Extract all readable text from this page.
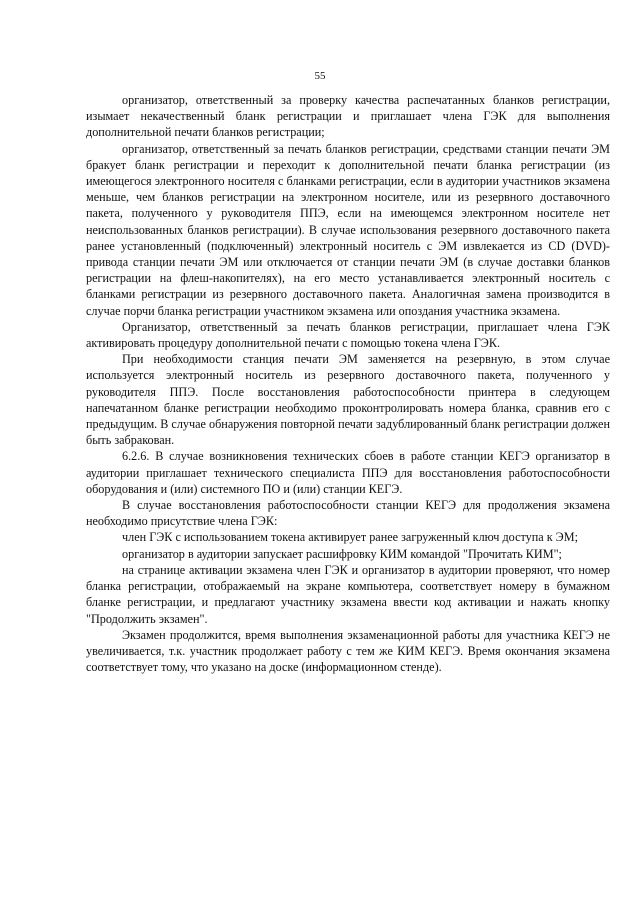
55

организатор, ответственный за проверку качества распечатанных бланков регистрации, изымает некачественный бланк регистрации и приглашает члена ГЭК для выполнения дополнительной печати бланков регистрации;

организатор, ответственный за печать бланков регистрации, средствами станции печати ЭМ бракует бланк регистрации и переходит к дополнительной печати бланка регистрации (из имеющегося электронного носителя с бланками регистрации, если в аудитории участников экзамена меньше, чем бланков регистрации на электронном носителе, или из резервного доставочного пакета, полученного у руководителя ППЭ, если на имеющемся электронном носителе нет неиспользованных бланков регистрации). В случае использования резервного доставочного пакета ранее установленный (подключенный) электронный носитель с ЭМ извлекается из CD (DVD)-привода станции печати ЭМ или отключается от станции печати ЭМ (в случае доставки бланков регистрации на флеш-накопителях), на его место устанавливается электронный носитель с бланками регистрации из резервного доставочного пакета. Аналогичная замена производится в случае порчи бланка регистрации участником экзамена или опоздания участника экзамена.

Организатор, ответственный за печать бланков регистрации, приглашает члена ГЭК активировать процедуру дополнительной печати с помощью токена члена ГЭК.

При необходимости станция печати ЭМ заменяется на резервную, в этом случае используется электронный носитель из резервного доставочного пакета, полученного у руководителя ППЭ. После восстановления работоспособности принтера в следующем напечатанном бланке регистрации необходимо проконтролировать номера бланка, сравнив его с предыдущим. В случае обнаружения повторной печати задублированный бланк регистрации должен быть забракован.

6.2.6. В случае возникновения технических сбоев в работе станции КЕГЭ организатор в аудитории приглашает технического специалиста ППЭ для восстановления работоспособности оборудования и (или) системного ПО и (или) станции КЕГЭ.

В случае восстановления работоспособности станции КЕГЭ для продолжения экзамена необходимо присутствие члена ГЭК:

член ГЭК с использованием токена активирует ранее загруженный ключ доступа к ЭМ;

организатор в аудитории запускает расшифровку КИМ командой "Прочитать КИМ";

на странице активации экзамена член ГЭК и организатор в аудитории проверяют, что номер бланка регистрации, отображаемый на экране компьютера, соответствует номеру в бумажном бланке регистрации, и предлагают участнику экзамена ввести код активации и нажать кнопку "Продолжить экзамен".

Экзамен продолжится, время выполнения экзаменационной работы для участника КЕГЭ не увеличивается, т.к. участник продолжает работу с тем же КИМ КЕГЭ. Время окончания экзамена соответствует тому, что указано на доске (информационном стенде).
